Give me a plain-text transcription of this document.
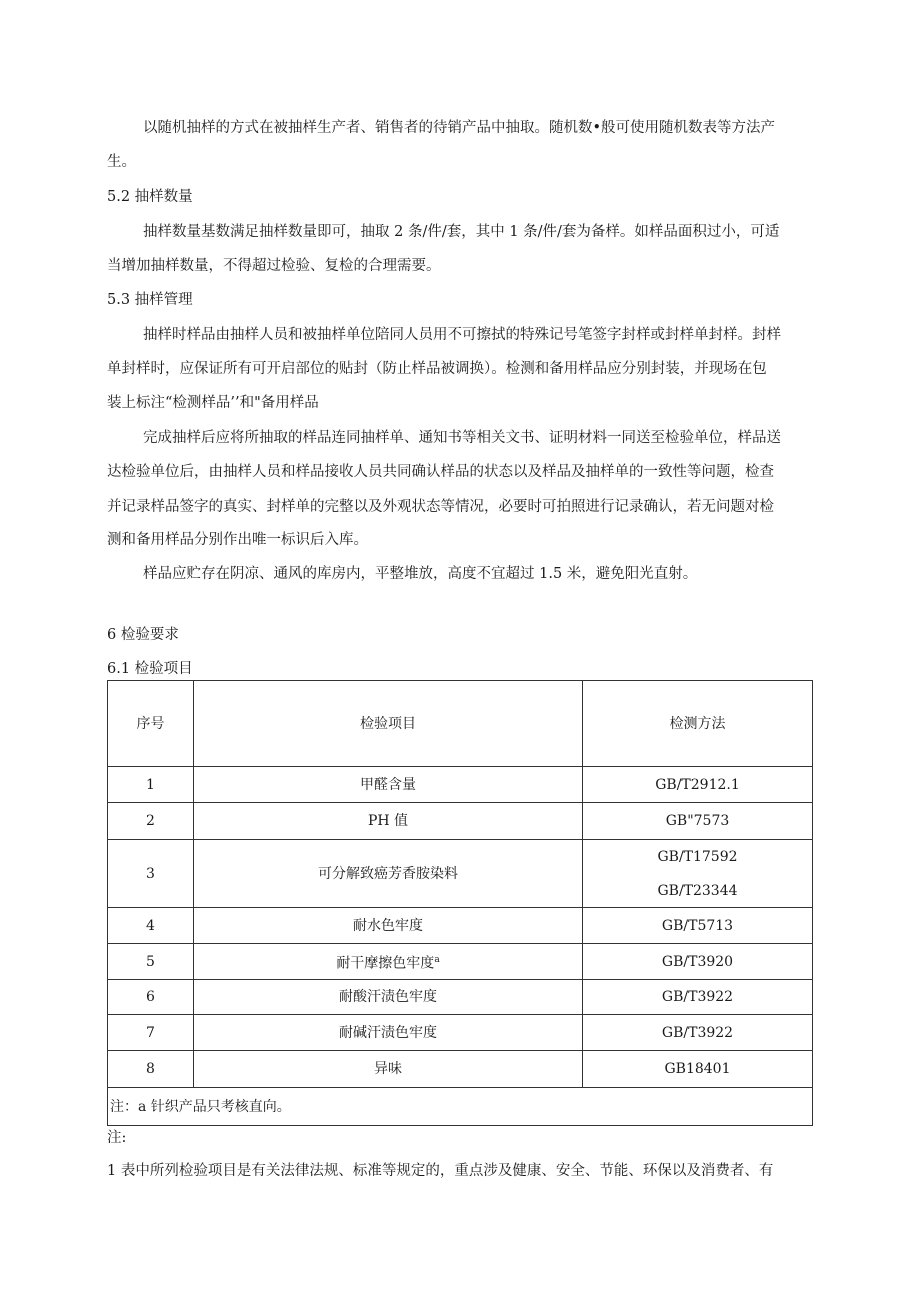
以随机抽样的方式在被抽样生产者、销售者的待销产品中抽取。随机数•般可使用随机数表等方法产
生。
5.2 抽样数量
抽样数量基数满足抽样数量即可，抽取 2 条/件/套，其中 1 条/件/套为备样。如样品面积过小，可适
当增加抽样数量，不得超过检验、复检的合理需要。
5.3 抽样管理
抽样时样品由抽样人员和被抽样单位陪同人员用不可擦拭的特殊记号笔签字封样或封样单封样。封样
单封样时，应保证所有可开启部位的贴封（防止样品被调换）。检测和备用样品应分别封装，并现场在包
装上标注“检测样品’’和"备用样品
完成抽样后应将所抽取的样品连同抽样单、通知书等相关文书、证明材料一同送至检验单位，样品送
达检验单位后，由抽样人员和样品接收人员共同确认样品的状态以及样品及抽样单的一致性等问题，检查
并记录样品签字的真实、封样单的完整以及外观状态等情况，必要时可拍照进行记录确认，若无问题对检
测和备用样品分别作出唯一标识后入库。
样品应贮存在阴凉、通风的库房内，平整堆放，高度不宜超过 1.5 米，避免阳光直射。
6 检验要求
6.1 检验项目
序号	检验项目	检测方法
1	甲醛含量	GB/T2912.1
2	PH 值	GB"7573
3	可分解致癌芳香胺染料	GB/T17592
GB/T23344

4	耐水色牢度	GB/T5713
5	耐干摩擦色牢度$^a$	GB/T3920
6	耐酸汗渍色牢度	GB/T3922
7	耐碱汗渍色牢度	GB/T3922
8	异味	GB18401
注：a 针织产品只考核直向。		
注:
1 表中所列检验项目是有关法律法规、标准等规定的，重点涉及健康、安全、节能、环保以及消费者、有
